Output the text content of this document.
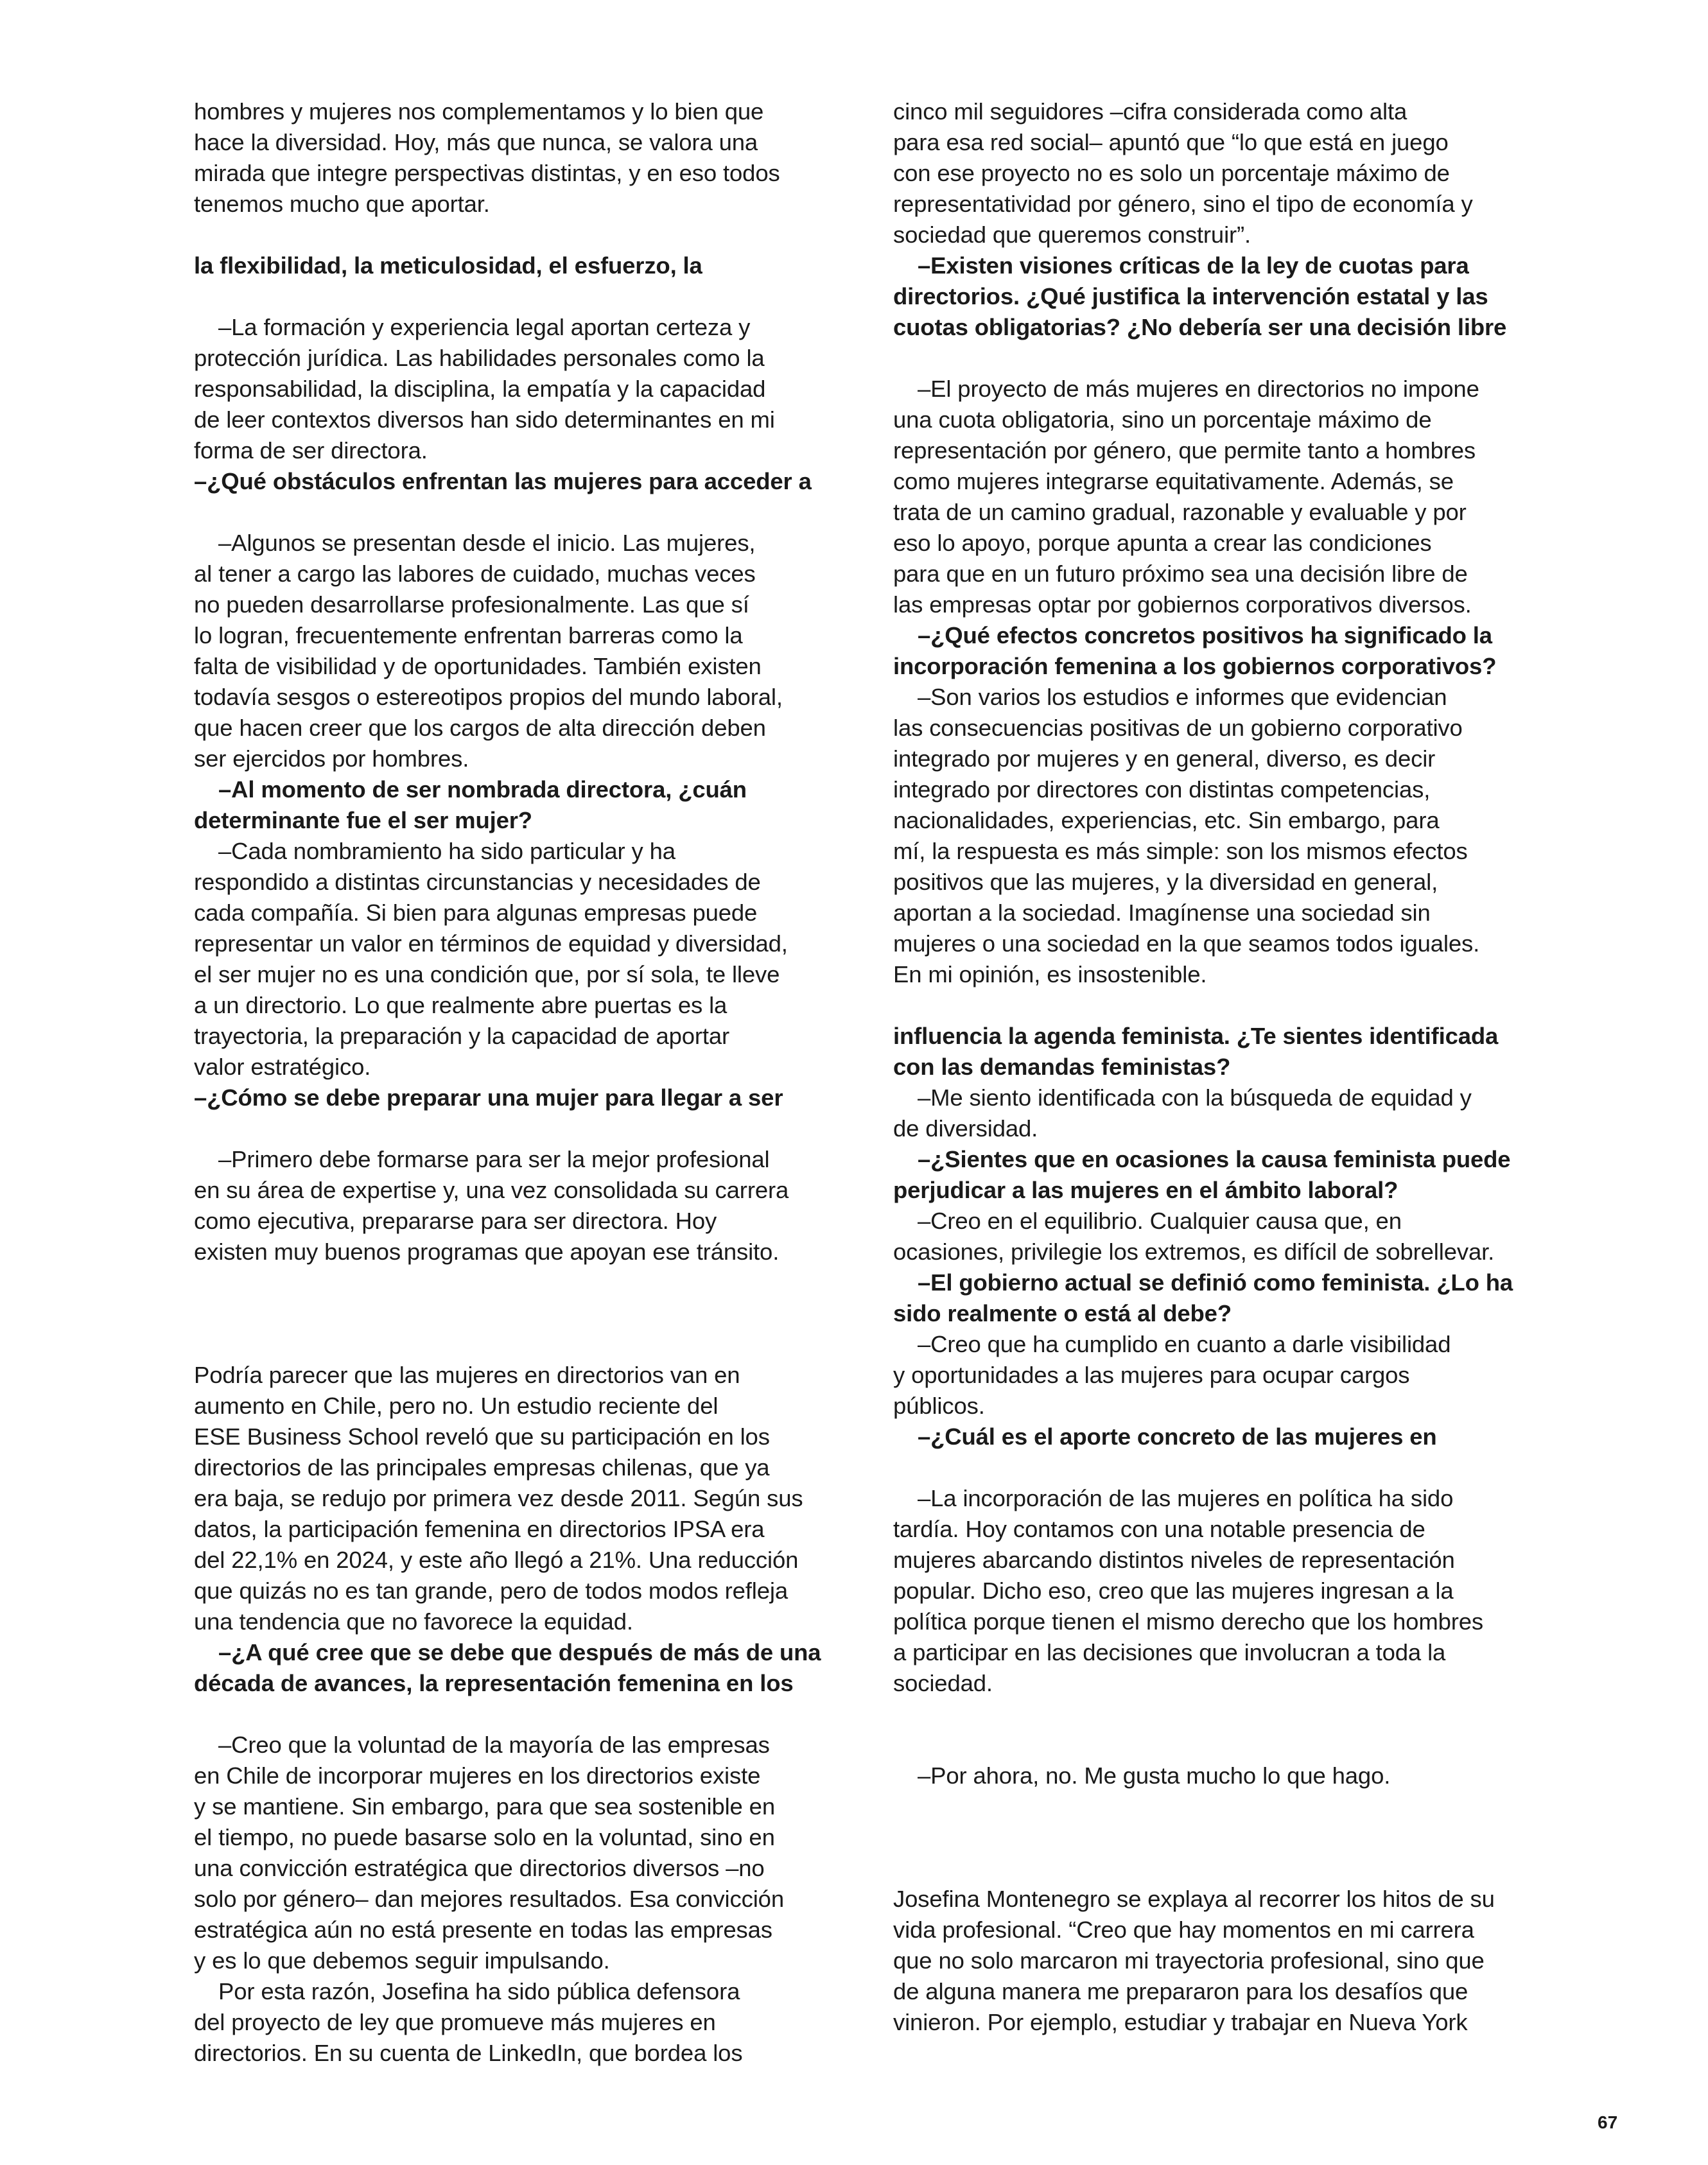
hombres y mujeres nos complementamos y lo bien que
hace la diversidad. Hoy, más que nunca, se valora una
mirada que integre perspectivas distintas, y en eso todos
tenemos mucho que aportar.
la flexibilidad, la meticulosidad, el esfuerzo, la
–La formación y experiencia legal aportan certeza y
protección jurídica. Las habilidades personales como la
responsabilidad, la disciplina, la empatía y la capacidad
de leer contextos diversos han sido determinantes en mi
forma de ser directora.
–¿Qué obstáculos enfrentan las mujeres para acceder a
–Algunos se presentan desde el inicio. Las mujeres,
al tener a cargo las labores de cuidado, muchas veces
no pueden desarrollarse profesionalmente. Las que sí
lo logran, frecuentemente enfrentan barreras como la
falta de visibilidad y de oportunidades. También existen
todavía sesgos o estereotipos propios del mundo laboral,
que hacen creer que los cargos de alta dirección deben
ser ejercidos por hombres.
–Al momento de ser nombrada directora, ¿cuán
determinante fue el ser mujer?
–Cada nombramiento ha sido particular y ha
respondido a distintas circunstancias y necesidades de
cada compañía. Si bien para algunas empresas puede
representar un valor en términos de equidad y diversidad,
el ser mujer no es una condición que, por sí sola, te lleve
a un directorio. Lo que realmente abre puertas es la
trayectoria, la preparación y la capacidad de aportar
valor estratégico.
–¿Cómo se debe preparar una mujer para llegar a ser
–Primero debe formarse para ser la mejor profesional
en su área de expertise y, una vez consolidada su carrera
como ejecutiva, prepararse para ser directora. Hoy
existen muy buenos programas que apoyan ese tránsito.
Podría parecer que las mujeres en directorios van en
aumento en Chile, pero no. Un estudio reciente del
ESE Business School reveló que su participación en los
directorios de las principales empresas chilenas, que ya
era baja, se redujo por primera vez desde 2011. Según sus
datos, la participación femenina en directorios IPSA era
del 22,1% en 2024, y este año llegó a 21%. Una reducción
que quizás no es tan grande, pero de todos modos refleja
una tendencia que no favorece la equidad.
–¿A qué cree que se debe que después de más de una
década de avances, la representación femenina en los
–Creo que la voluntad de la mayoría de las empresas
en Chile de incorporar mujeres en los directorios existe
y se mantiene. Sin embargo, para que sea sostenible en
el tiempo, no puede basarse solo en la voluntad, sino en
una convicción estratégica que directorios diversos –no
solo por género– dan mejores resultados. Esa convicción
estratégica aún no está presente en todas las empresas
y es lo que debemos seguir impulsando.
Por esta razón, Josefina ha sido pública defensora
del proyecto de ley que promueve más mujeres en
directorios. En su cuenta de LinkedIn, que bordea los
cinco mil seguidores –cifra considerada como alta
para esa red social– apuntó que “lo que está en juego
con ese proyecto no es solo un porcentaje máximo de
representatividad por género, sino el tipo de economía y
sociedad que queremos construir”.
–Existen visiones críticas de la ley de cuotas para
directorios. ¿Qué justifica la intervención estatal y las
cuotas obligatorias? ¿No debería ser una decisión libre
–El proyecto de más mujeres en directorios no impone
una cuota obligatoria, sino un porcentaje máximo de
representación por género, que permite tanto a hombres
como mujeres integrarse equitativamente. Además, se
trata de un camino gradual, razonable y evaluable y por
eso lo apoyo, porque apunta a crear las condiciones
para que en un futuro próximo sea una decisión libre de
las empresas optar por gobiernos corporativos diversos.
–¿Qué efectos concretos positivos ha significado la
incorporación femenina a los gobiernos corporativos?
–Son varios los estudios e informes que evidencian
las consecuencias positivas de un gobierno corporativo
integrado por mujeres y en general, diverso, es decir
integrado por directores con distintas competencias,
nacionalidades, experiencias, etc. Sin embargo, para
mí, la respuesta es más simple: son los mismos efectos
positivos que las mujeres, y la diversidad en general,
aportan a la sociedad. Imagínense una sociedad sin
mujeres o una sociedad en la que seamos todos iguales.
En mi opinión, es insostenible.
influencia la agenda feminista. ¿Te sientes identificada
con las demandas feministas?
–Me siento identificada con la búsqueda de equidad y
de diversidad.
–¿Sientes que en ocasiones la causa feminista puede
perjudicar a las mujeres en el ámbito laboral?
–Creo en el equilibrio. Cualquier causa que, en
ocasiones, privilegie los extremos, es difícil de sobrellevar.
–El gobierno actual se definió como feminista. ¿Lo ha
sido realmente o está al debe?
–Creo que ha cumplido en cuanto a darle visibilidad
y oportunidades a las mujeres para ocupar cargos
públicos.
–¿Cuál es el aporte concreto de las mujeres en
–La incorporación de las mujeres en política ha sido
tardía. Hoy contamos con una notable presencia de
mujeres abarcando distintos niveles de representación
popular. Dicho eso, creo que las mujeres ingresan a la
política porque tienen el mismo derecho que los hombres
a participar en las decisiones que involucran a toda la
sociedad.
–Por ahora, no. Me gusta mucho lo que hago.
Josefina Montenegro se explaya al recorrer los hitos de su
vida profesional. “Creo que hay momentos en mi carrera
que no solo marcaron mi trayectoria profesional, sino que
de alguna manera me prepararon para los desafíos que
vinieron. Por ejemplo, estudiar y trabajar en Nueva York
67
